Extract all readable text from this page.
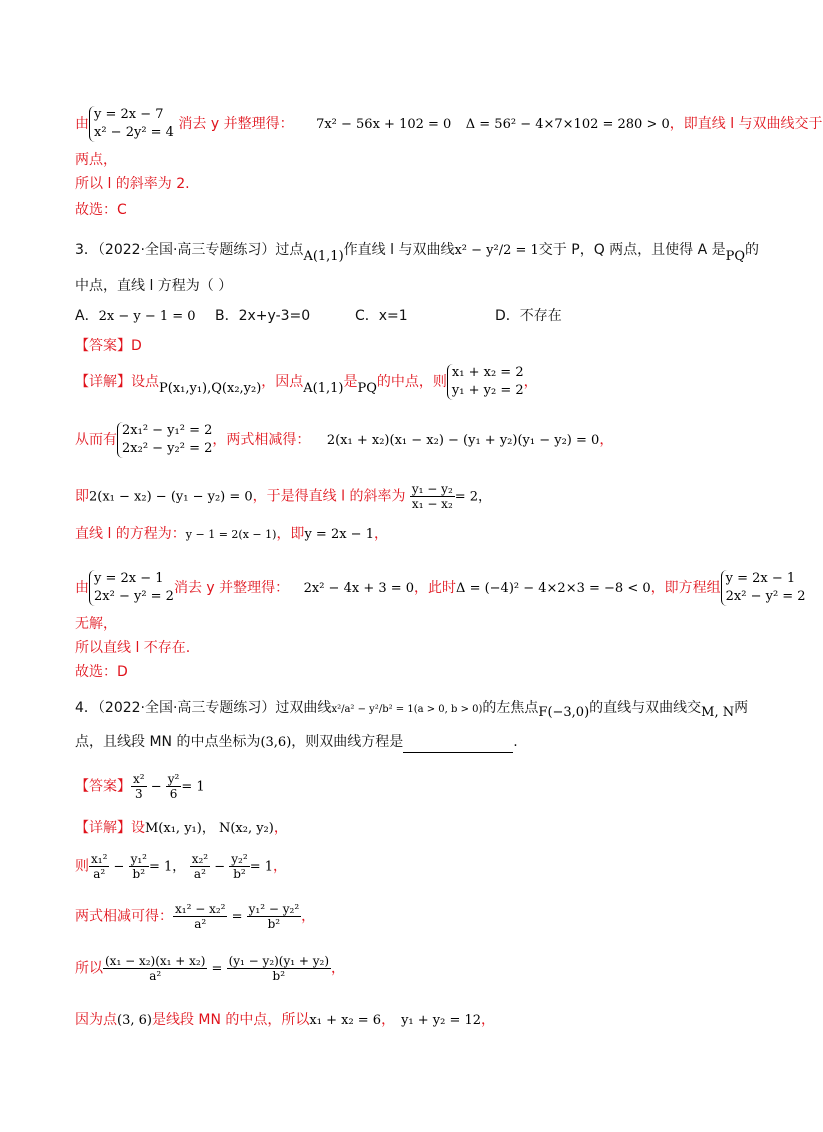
由y = 2x − 7
x² − 2y² = 4 消去 y 并整理得： 7x² − 56x + 102 = 0 Δ = 56² − 4×7×102 = 280 > 0，即直线 l 与双曲线交于
两点，
所以 l 的斜率为 2.
故选：C
3．（2022·全国·高三专题练习）过点A(1,1)作直线 l 与双曲线x² − y²/2 = 1交于 P，Q 两点，且使得 A 是PQ的
中点，直线 l 方程为（ ）
A．2x − y − 1 = 0 B．2x+y-3=0	C．x=1	D．不存在
【答案】D
【详解】设点P(x₁,y₁),Q(x₂,y₂)，因点A(1,1)是PQ的中点，则x₁ + x₂ = 2
y₁ + y₂ = 2，
从而有2x₁² − y₁² = 2
2x₂² − y₂² = 2，两式相减得： 2(x₁ + x₂)(x₁ − x₂) − (y₁ + y₂)(y₁ − y₂) = 0，
即2(x₁ − x₂) − (y₁ − y₂) = 0，于是得直线 l 的斜率为 $\frac{\text{y₁ − y₂}}{\text{x₁ − x₂}} = 2$，
直线 l 的方程为：y − 1 = 2(x − 1)，即y = 2x − 1，
由y = 2x − 1
2x² − y² = 2消去 y 并整理得： 2x² − 4x + 3 = 0，此时Δ = (−4)² − 4×2×3 = −8 < 0，即方程组y = 2x − 1
2x² − y² = 2
无解，
所以直线 l 不存在.
故选：D
4．（2022·全国·高三专题练习）过双曲线x²/a² − y²/b² = 1(a > 0, b > 0)的左焦点F(−3,0)的直线与双曲线交M, N两
点，且线段 MN 的中点坐标为(3,6)，则双曲线方程是	.
【答案】 $\frac{\text{x²}}{3} - \frac{\text{y²}}{6} = 1$
【详解】设M(x₁, y₁)， N(x₂, y₂)，
则 $\frac{\text{x₁²}}{\text{a²}} - \frac{\text{y₁²}}{\text{b²}} = 1$， $\frac{\text{x₂²}}{\text{a²}} - \frac{\text{y₂²}}{\text{b²}} = 1$，
两式相减可得： $\frac{\text{x₁² − x₂²}}{\text{a²}} = \frac{\text{y₁² − y₂²}}{\text{b²}}$ ，
所以 $\frac{\text{(x₁ − x₂)(x₁ + x₂)}}{\text{a²}} = \frac{\text{(y₁ − y₂)(y₁ + y₂)}}{\text{b²}}$ ，
因为点(3, 6)是线段 MN 的中点，所以x₁ + x₂ = 6， y₁ + y₂ = 12，
